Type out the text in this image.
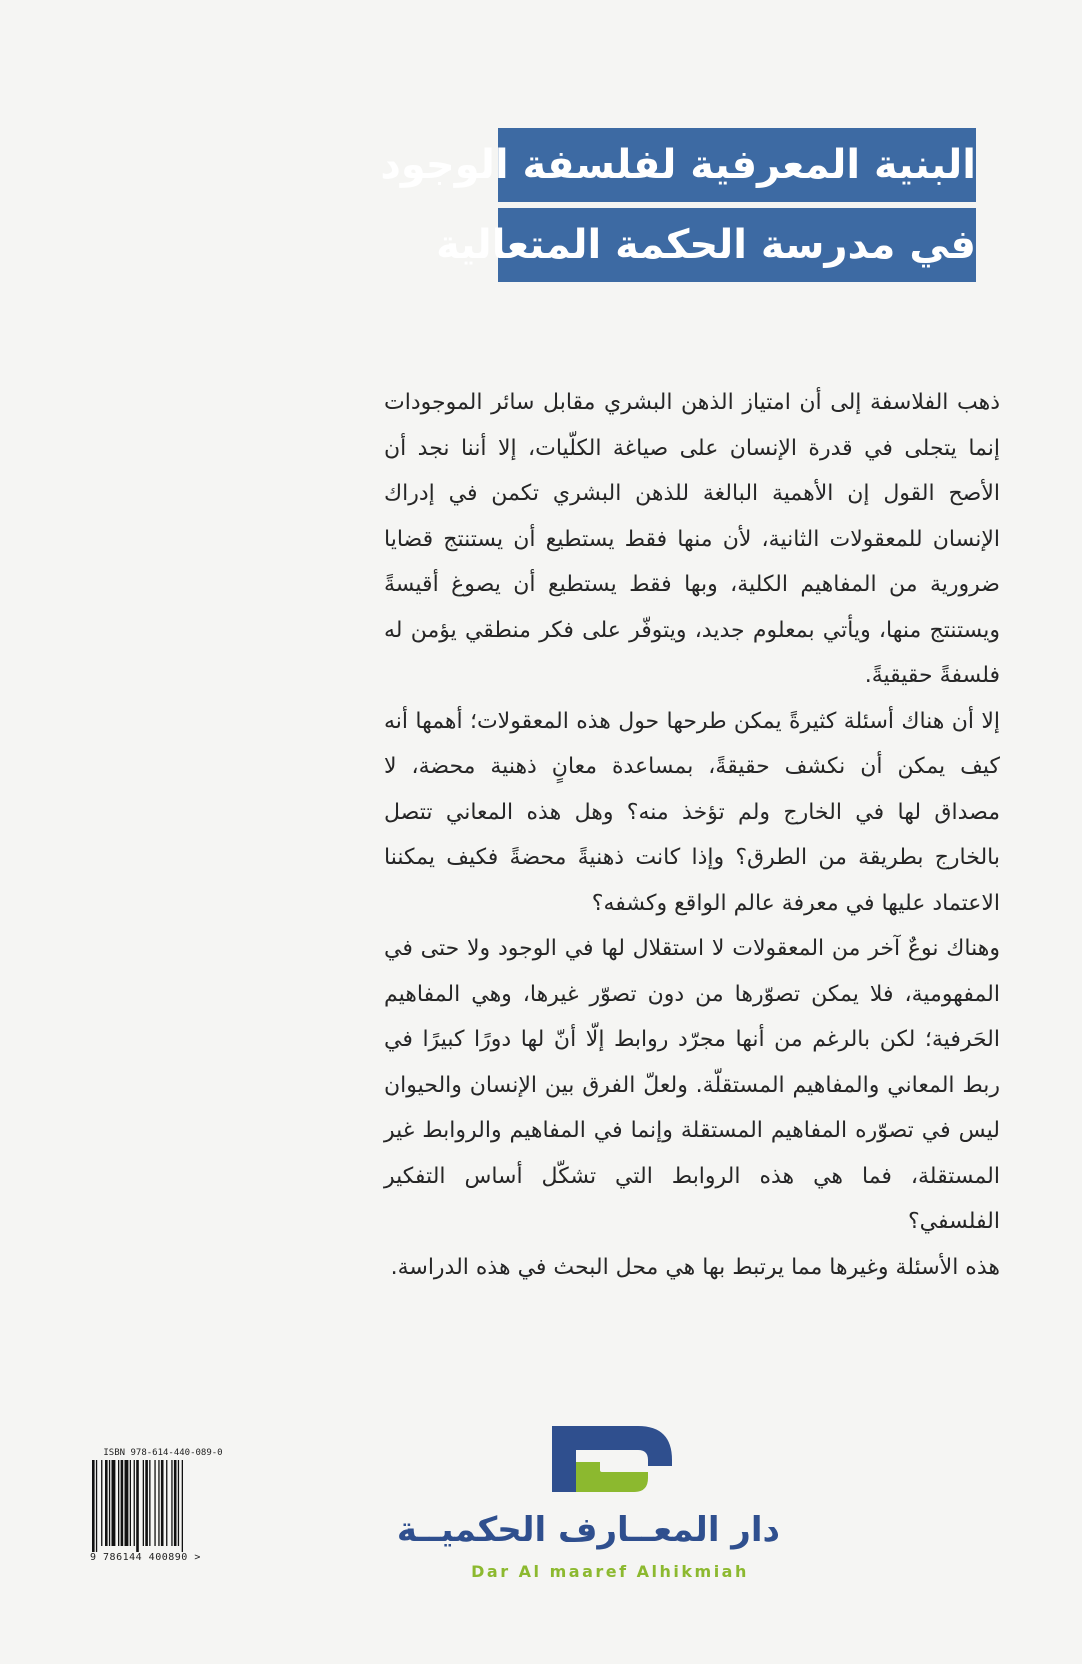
البنية المعرفية لفلسفة الوجود
في مدرسة الحكمة المتعالية

ذهب الفلاسفة إلى أن امتياز الذهن البشري مقابل سائر الموجودات إنما يتجلى في قدرة الإنسان على صياغة الكلّيات، إلا أننا نجد أن الأصح القول إن الأهمية البالغة للذهن البشري تكمن في إدراك الإنسان للمعقولات الثانية، لأن منها فقط يستطيع أن يستنتج قضايا ضرورية من المفاهيم الكلية، وبها فقط يستطيع أن يصوغ أقيسةً ويستنتج منها، ويأتي بمعلوم جديد، ويتوفّر على فكر منطقي يؤمن له فلسفةً حقيقيةً.

إلا أن هناك أسئلة كثيرةً يمكن طرحها حول هذه المعقولات؛ أهمها أنه كيف يمكن أن نكشف حقيقةً، بمساعدة معانٍ ذهنية محضة، لا مصداق لها في الخارج ولم تؤخذ منه؟ وهل هذه المعاني تتصل بالخارج بطريقة من الطرق؟ وإذا كانت ذهنيةً محضةً فكيف يمكننا الاعتماد عليها في معرفة عالم الواقع وكشفه؟

وهناك نوعٌ آخر من المعقولات لا استقلال لها في الوجود ولا حتى في المفهومية، فلا يمكن تصوّرها من دون تصوّر غيرها، وهي المفاهيم الحَرفية؛ لكن بالرغم من أنها مجرّد روابط إلّا أنّ لها دورًا كبيرًا في ربط المعاني والمفاهيم المستقلّة. ولعلّ الفرق بين الإنسان والحيوان ليس في تصوّره المفاهيم المستقلة وإنما في المفاهيم والروابط غير المستقلة، فما هي هذه الروابط التي تشكّل أساس التفكير الفلسفي؟

هذه الأسئلة وغيرها مما يرتبط بها هي محل البحث في هذه الدراسة.

ISBN 978-614-440-089-0
9 786144 400890 >
دار المعــارف الحكميــة
Dar Al maaref Alhikmiah
